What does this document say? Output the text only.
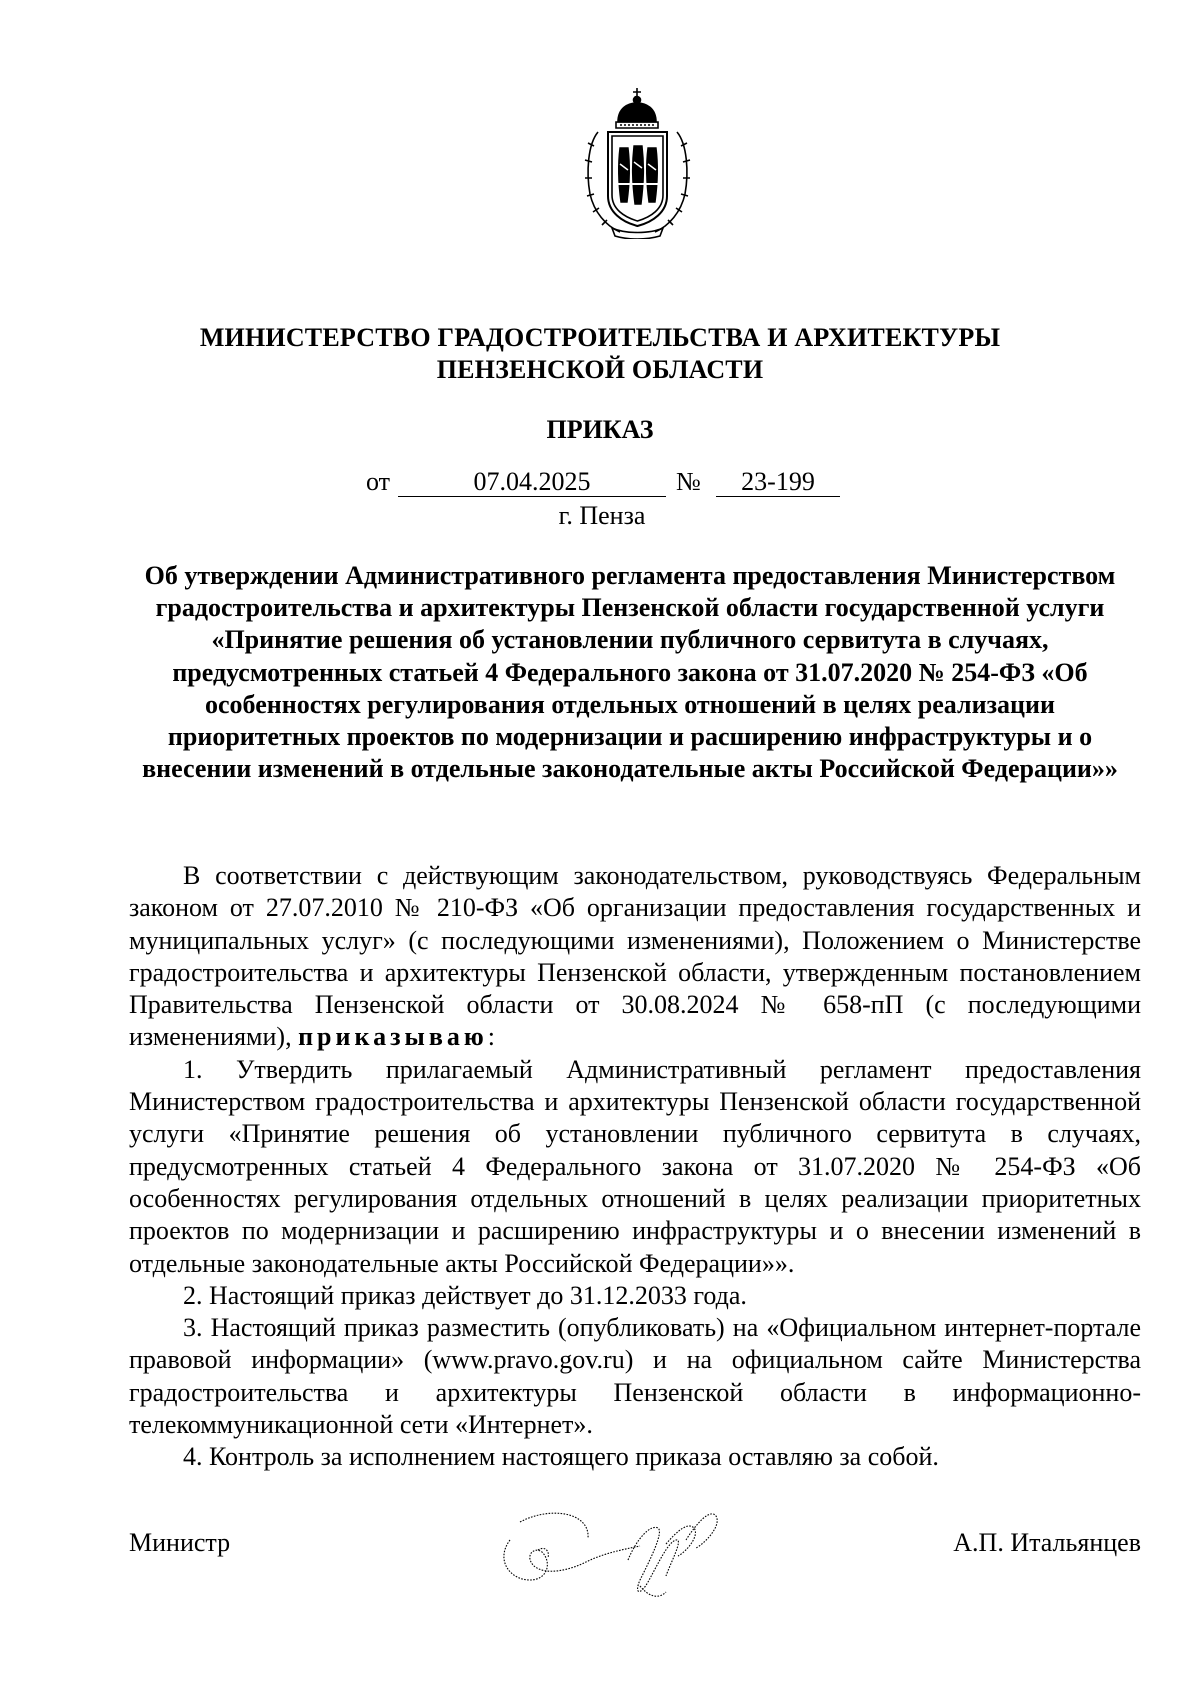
МИНИСТЕРСТВО ГРАДОСТРОИТЕЛЬСТВА И АРХИТЕКТУРЫ
ПЕНЗЕНСКОЙ ОБЛАСТИ
ПРИКАЗ
от	07.04.2025	№	23-199
г. Пенза
Об утверждении Административного регламента предоставления Министерством градостроительства и архитектуры Пензенской области государственной услуги «Принятие решения об установлении публичного сервитута в случаях, предусмотренных статьей 4 Федерального закона от 31.07.2020 № 254-ФЗ «Об особенностях регулирования отдельных отношений в целях реализации приоритетных проектов по модернизации и расширению инфраструктуры и о внесении изменений в отдельные законодательные акты Российской Федерации»»

В соответствии с действующим законодательством, руководствуясь Федеральным законом от 27.07.2010 № 210-ФЗ «Об организации предоставления государственных и муниципальных услуг» (с последующими изменениями), Положением о Министерстве градостроительства и архитектуры Пензенской области, утвержденным постановлением Правительства Пензенской области от 30.08.2024 № 658-пП (с последующими изменениями), приказываю:

1. Утвердить прилагаемый Административный регламент предоставления Министерством градостроительства и архитектуры Пензенской области государственной услуги «Принятие решения об установлении публичного сервитута в случаях, предусмотренных статьей 4 Федерального закона от 31.07.2020 № 254-ФЗ «Об особенностях регулирования отдельных отношений в целях реализации приоритетных проектов по модернизации и расширению инфраструктуры и о внесении изменений в отдельные законодательные акты Российской Федерации»».

2. Настоящий приказ действует до 31.12.2033 года.

3. Настоящий приказ разместить (опубликовать) на «Официальном интернет-портале правовой информации» (www.pravo.gov.ru) и на официальном сайте Министерства градостроительства и архитектуры Пензенской области в информационно-телекоммуникационной сети «Интернет».

4. Контроль за исполнением настоящего приказа оставляю за собой.

Министр	А.П. Итальянцев
